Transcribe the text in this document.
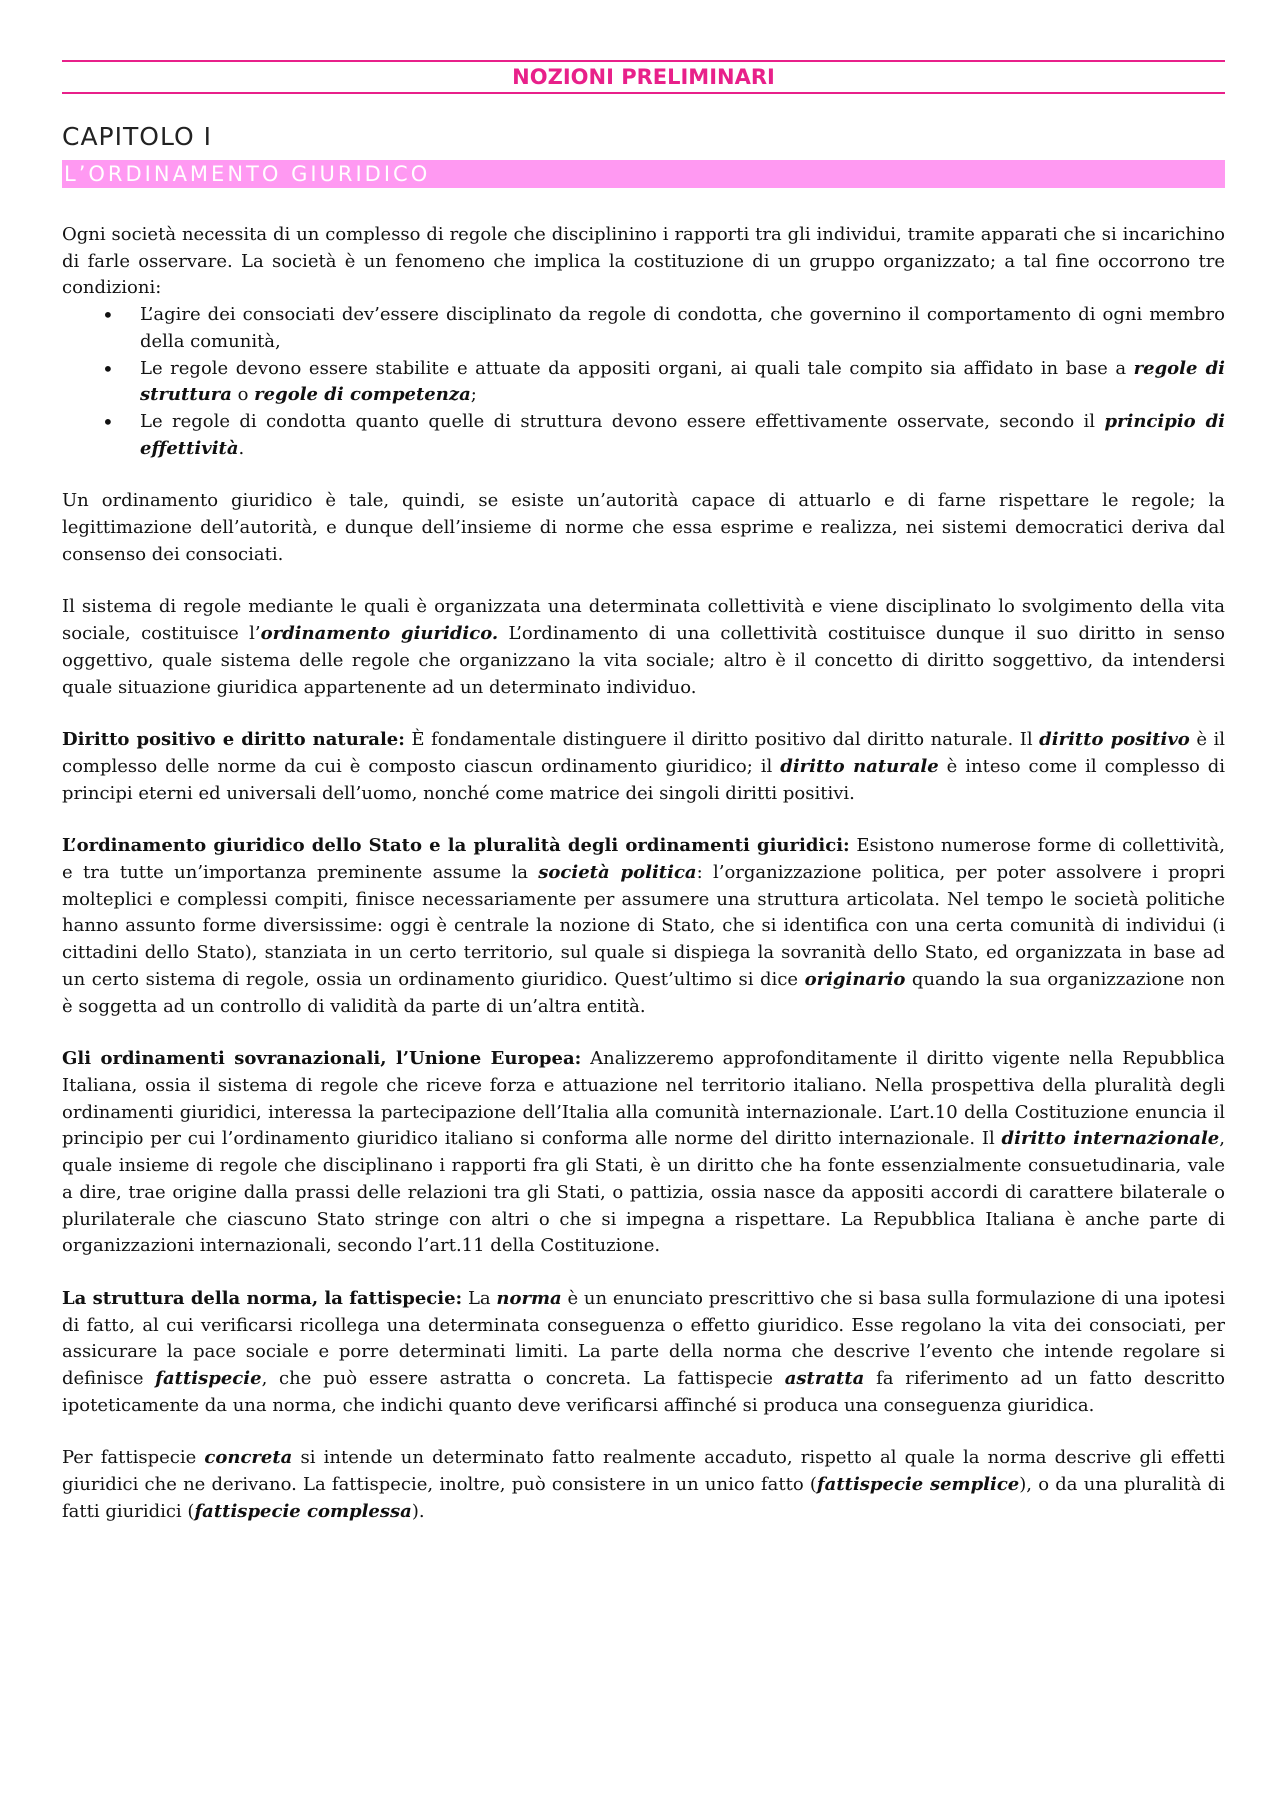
NOZIONI PRELIMINARI
CAPITOLO I
L’ORDINAMENTO GIURIDICO

Ogni società necessita di un complesso di regole che disciplinino i rapporti tra gli individui, tramite apparati che si incarichino di farle osservare. La società è un fenomeno che implica la costituzione di un gruppo organizzato; a tal fine occorrono tre condizioni:

• L’agire dei consociati dev’essere disciplinato da regole di condotta, che governino il comportamento di ogni membro della comunità,
• Le regole devono essere stabilite e attuate da appositi organi, ai quali tale compito sia affidato in base a regole di struttura o regole di competenza;
• Le regole di condotta quanto quelle di struttura devono essere effettivamente osservate, secondo il principio di effettività.

Un ordinamento giuridico è tale, quindi, se esiste un’autorità capace di attuarlo e di farne rispettare le regole; la legittimazione dell’autorità, e dunque dell’insieme di norme che essa esprime e realizza, nei sistemi democratici deriva dal consenso dei consociati.

Il sistema di regole mediante le quali è organizzata una determinata collettività e viene disciplinato lo svolgimento della vita sociale, costituisce l’ordinamento giuridico. L’ordinamento di una collettività costituisce dunque il suo diritto in senso oggettivo, quale sistema delle regole che organizzano la vita sociale; altro è il concetto di diritto soggettivo, da intendersi quale situazione giuridica appartenente ad un determinato individuo.

Diritto positivo e diritto naturale: È fondamentale distinguere il diritto positivo dal diritto naturale. Il diritto positivo è il complesso delle norme da cui è composto ciascun ordinamento giuridico; il diritto naturale è inteso come il complesso di principi eterni ed universali dell’uomo, nonché come matrice dei singoli diritti positivi.

L’ordinamento giuridico dello Stato e la pluralità degli ordinamenti giuridici: Esistono numerose forme di collettività, e tra tutte un’importanza preminente assume la società politica: l’organizzazione politica, per poter assolvere i propri molteplici e complessi compiti, finisce necessariamente per assumere una struttura articolata. Nel tempo le società politiche hanno assunto forme diversissime: oggi è centrale la nozione di Stato, che si identifica con una certa comunità di individui (i cittadini dello Stato), stanziata in un certo territorio, sul quale si dispiega la sovranità dello Stato, ed organizzata in base ad un certo sistema di regole, ossia un ordinamento giuridico. Quest’ultimo si dice originario quando la sua organizzazione non è soggetta ad un controllo di validità da parte di un’altra entità.

Gli ordinamenti sovranazionali, l’Unione Europea: Analizzeremo approfonditamente il diritto vigente nella Repubblica Italiana, ossia il sistema di regole che riceve forza e attuazione nel territorio italiano. Nella prospettiva della pluralità degli ordinamenti giuridici, interessa la partecipazione dell’Italia alla comunità internazionale. L’art.10 della Costituzione enuncia il principio per cui l’ordinamento giuridico italiano si conforma alle norme del diritto internazionale. Il diritto internazionale, quale insieme di regole che disciplinano i rapporti fra gli Stati, è un diritto che ha fonte essenzialmente consuetudinaria, vale a dire, trae origine dalla prassi delle relazioni tra gli Stati, o pattizia, ossia nasce da appositi accordi di carattere bilaterale o plurilaterale che ciascuno Stato stringe con altri o che si impegna a rispettare. La Repubblica Italiana è anche parte di organizzazioni internazionali, secondo l’art.11 della Costituzione.

La struttura della norma, la fattispecie: La norma è un enunciato prescrittivo che si basa sulla formulazione di una ipotesi di fatto, al cui verificarsi ricollega una determinata conseguenza o effetto giuridico. Esse regolano la vita dei consociati, per assicurare la pace sociale e porre determinati limiti. La parte della norma che descrive l’evento che intende regolare si definisce fattispecie, che può essere astratta o concreta. La fattispecie astratta fa riferimento ad un fatto descritto ipoteticamente da una norma, che indichi quanto deve verificarsi affinché si produca una conseguenza giuridica.

Per fattispecie concreta si intende un determinato fatto realmente accaduto, rispetto al quale la norma descrive gli effetti giuridici che ne derivano. La fattispecie, inoltre, può consistere in un unico fatto (fattispecie semplice), o da una pluralità di fatti giuridici (fattispecie complessa).
